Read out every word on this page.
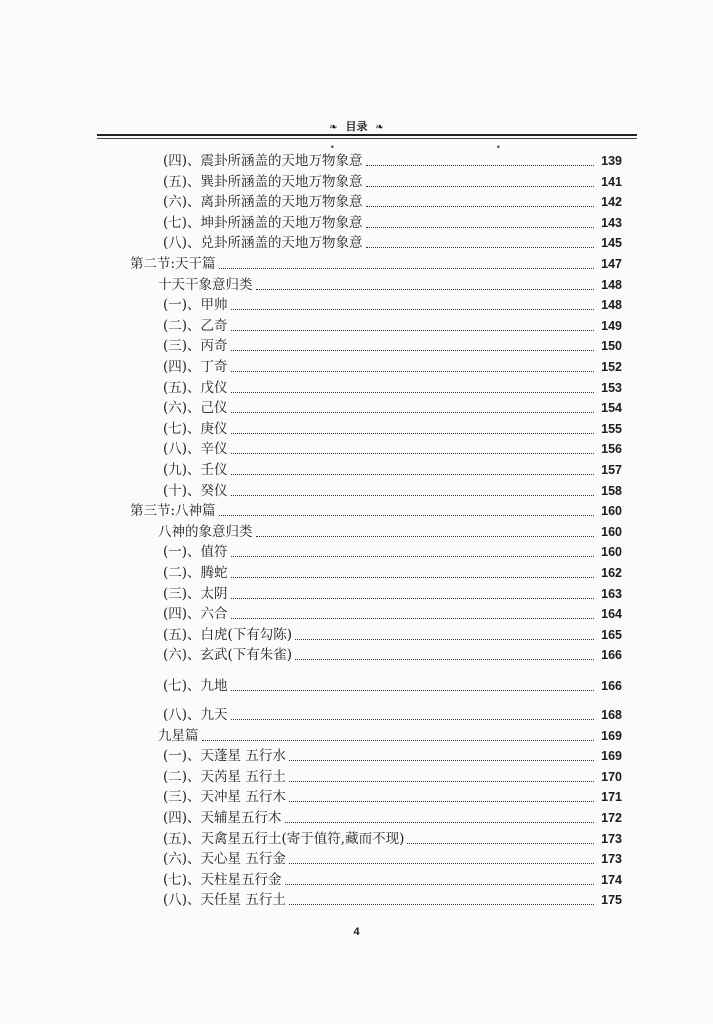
❧ 目录 ❧
•	•
(四)、震卦所涵盖的天地万物象意	139
(五)、巽卦所涵盖的天地万物象意	141
(六)、离卦所涵盖的天地万物象意	142
(七)、坤卦所涵盖的天地万物象意	143
(八)、兑卦所涵盖的天地万物象意	145
第二节:天干篇	147
十天干象意归类	148
(一)、甲帅	148
(二)、乙奇	149
(三)、丙奇	150
(四)、丁奇	152
(五)、戊仪	153
(六)、己仪	154
(七)、庚仪	155
(八)、辛仪	156
(九)、壬仪	157
(十)、癸仪	158
第三节:八神篇	160
八神的象意归类	160
(一)、值符	160
(二)、腾蛇	162
(三)、太阴	163
(四)、六合	164
(五)、白虎(下有勾陈)	165
(六)、玄武(下有朱雀)	166
(七)、九地	166
(八)、九天	168
九星篇	169
(一)、天蓬星 五行水	169
(二)、天芮星 五行土	170
(三)、天冲星 五行木	171
(四)、天辅星五行木	172
(五)、天禽星五行土(寄于值符,藏而不现)	173
(六)、天心星 五行金	173
(七)、天柱星五行金	174
(八)、天任星 五行土	175
4
